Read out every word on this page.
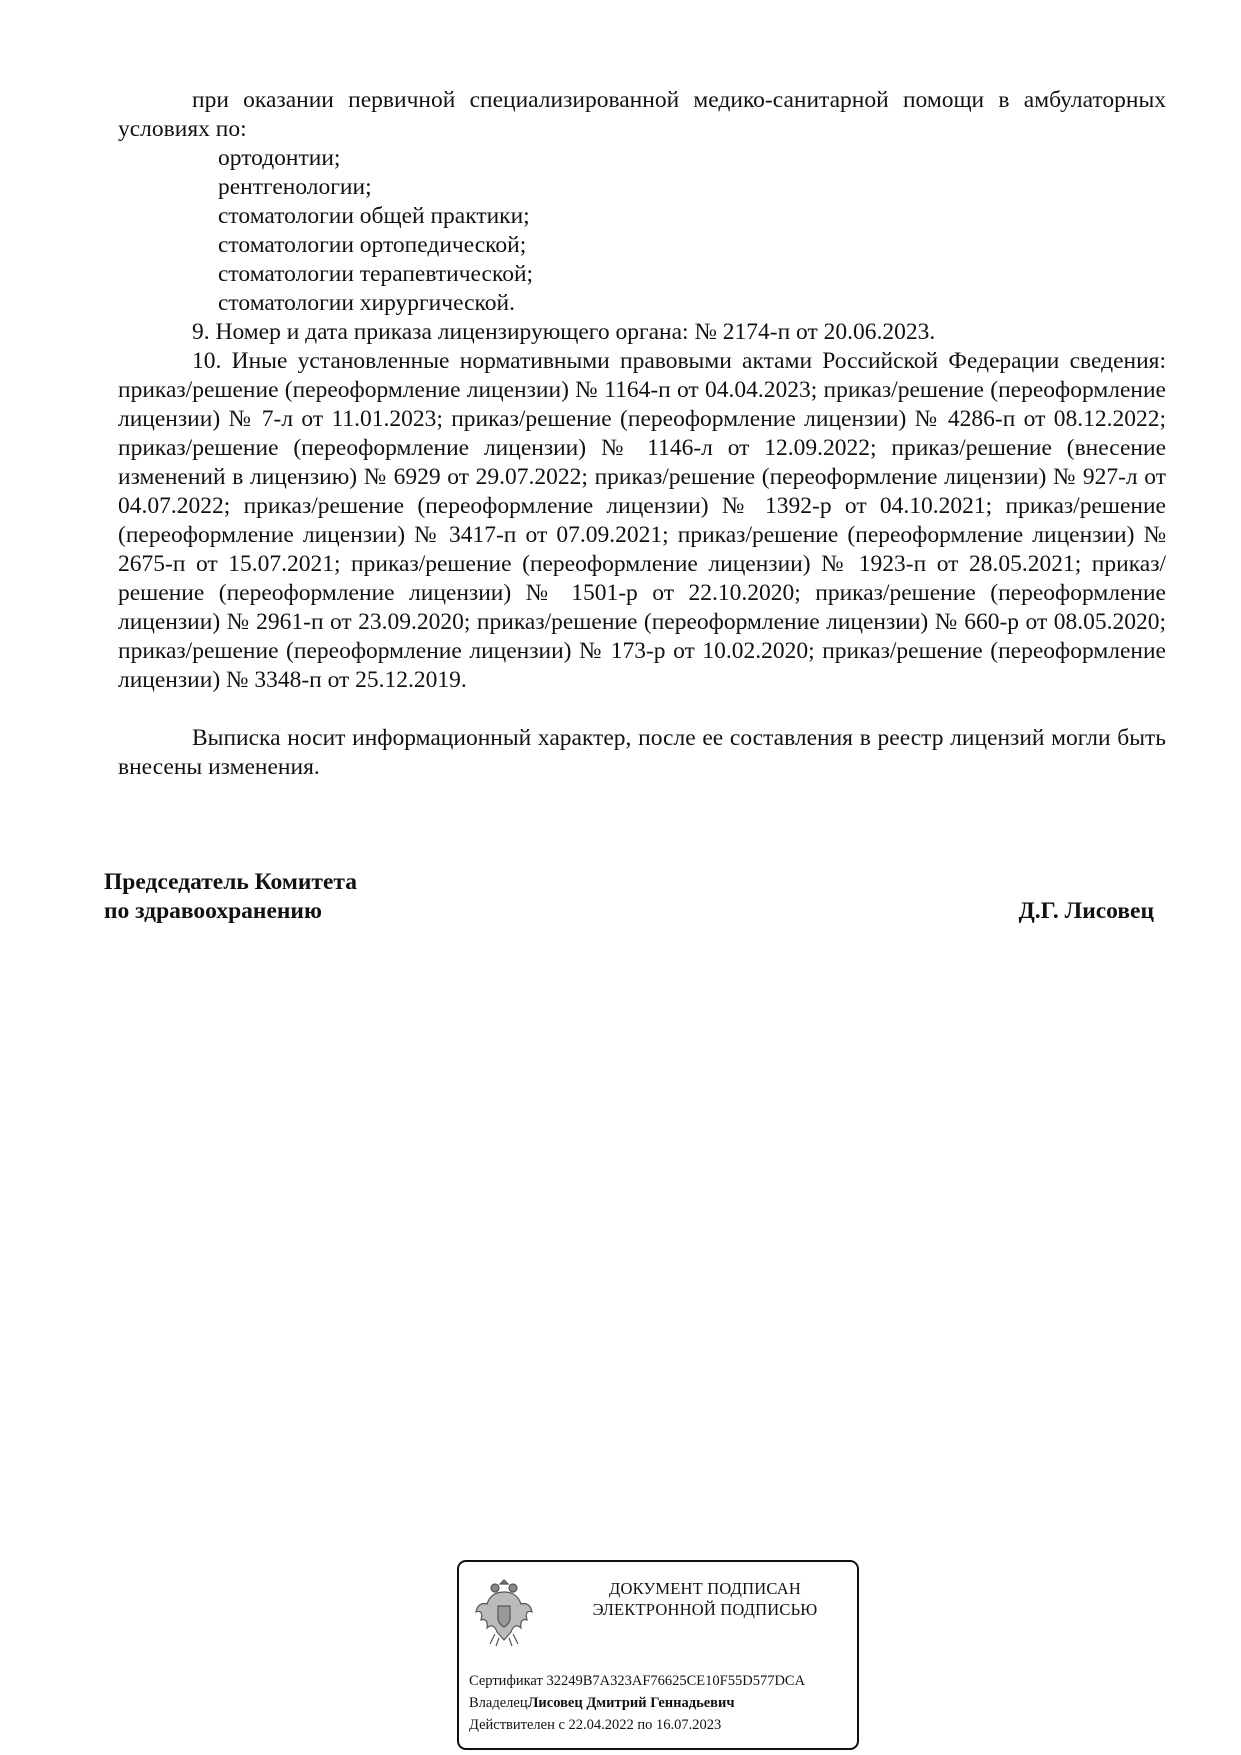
при оказании первичной специализированной медико-санитарной помощи в амбулаторных условиях по:
ортодонтии;
рентгенологии;
стоматологии общей практики;
стоматологии ортопедической;
стоматологии терапевтической;
стоматологии хирургической.
9. Номер и дата приказа лицензирующего органа: № 2174-п от 20.06.2023.
10. Иные установленные нормативными правовыми актами Российской Федерации сведения: приказ/решение (переоформление лицензии) № 1164-п от 04.04.2023; приказ/решение (переоформление лицензии) № 7-л от 11.01.2023; приказ/решение (переоформление лицензии) № 4286-п от 08.12.2022; приказ/решение (переоформление лицензии) № 1146-л от 12.09.2022; приказ/решение (внесение изменений в лицензию) № 6929 от 29.07.2022; приказ/решение (переоформление лицензии) № 927-л от 04.07.2022; приказ/решение (переоформление лицензии) № 1392-р от 04.10.2021; приказ/решение (переоформление лицензии) № 3417-п от 07.09.2021; приказ/решение (переоформление лицензии) № 2675-п от 15.07.2021; приказ/решение (переоформление лицензии) № 1923-п от 28.05.2021; приказ/решение (переоформление лицензии) № 1501-р от 22.10.2020; приказ/решение (переоформление лицензии) № 2961-п от 23.09.2020; приказ/решение (переоформление лицензии) № 660-р от 08.05.2020; приказ/решение (переоформление лицензии) № 173-р от 10.02.2020; приказ/решение (переоформление лицензии) № 3348-п от 25.12.2019.
Выписка носит информационный характер, после ее составления в реестр лицензий могли быть внесены изменения.
Председатель Комитета
по здравоохранению	Д.Г. Лисовец
ДОКУМЕНТ ПОДПИСАН
ЭЛЕКТРОННОЙ ПОДПИСЬЮ
Сертификат 32249B7A323AF76625CE10F55D577DCA
ВладелецЛисовец Дмитрий Геннадьевич
Действителен с 22.04.2022 по 16.07.2023
